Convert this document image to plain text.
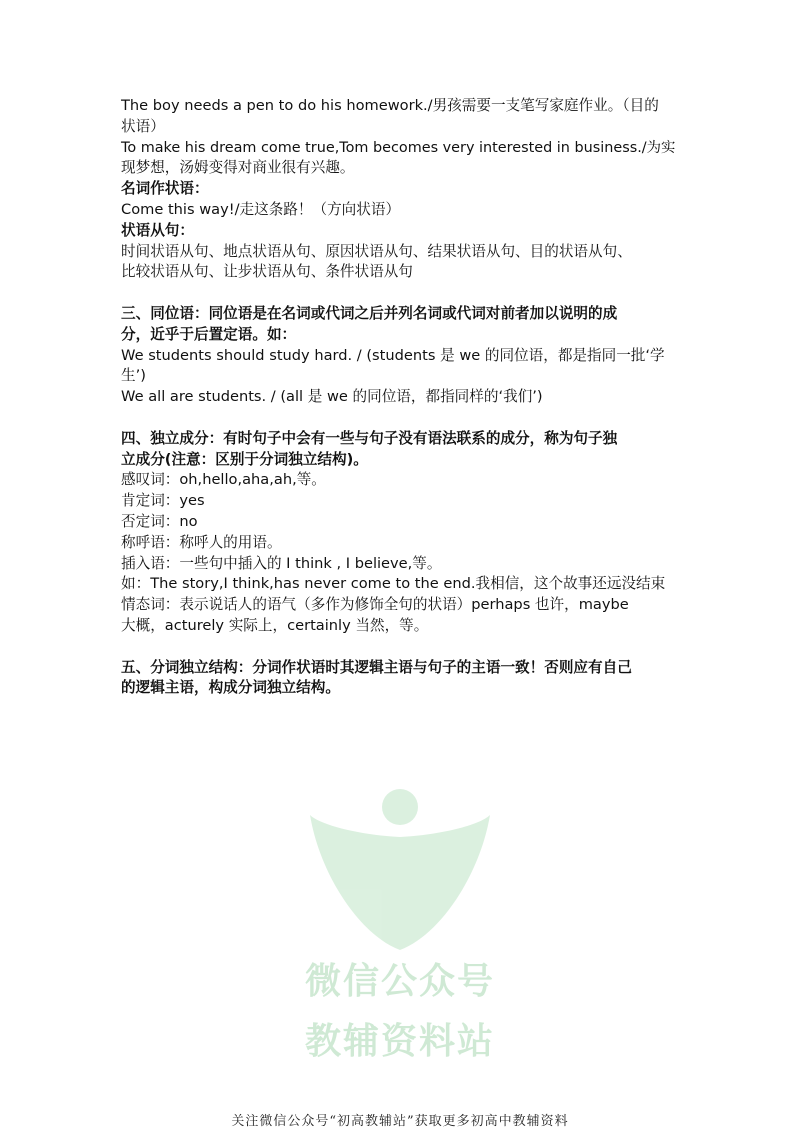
The boy needs a pen to do his homework./男孩需要一支笔写家庭作业。（目的
状语）
To make his dream come true,Tom becomes very interested in business./为实
现梦想，汤姆变得对商业很有兴趣。
名词作状语：
Come this way!/走这条路！（方向状语）
状语从句：
时间状语从句、地点状语从句、原因状语从句、结果状语从句、目的状语从句、
比较状语从句、让步状语从句、条件状语从句
三、同位语：同位语是在名词或代词之后并列名词或代词对前者加以说明的成
分，近乎于后置定语。如：
We students should study hard. / (students 是 we 的同位语，都是指同一批‘学
生’)
We all are students. / (all 是 we 的同位语，都指同样的‘我们’)
四、独立成分：有时句子中会有一些与句子没有语法联系的成分，称为句子独
立成分(注意：区别于分词独立结构)。
感叹词：oh,hello,aha,ah,等。
肯定词：yes
否定词：no
称呼语：称呼人的用语。
插入语：一些句中插入的 I think , I believe,等。
如：The story,I think,has never come to the end.我相信，这个故事还远没结束
情态词：表示说话人的语气（多作为修饰全句的状语）perhaps 也许，maybe
大概，acturely 实际上，certainly 当然，等。
五、分词独立结构：分词作状语时其逻辑主语与句子的主语一致！否则应有自己
的逻辑主语，构成分词独立结构。
微信公众号
教辅资料站
关注微信公众号“初高教辅站”获取更多初高中教辅资料
